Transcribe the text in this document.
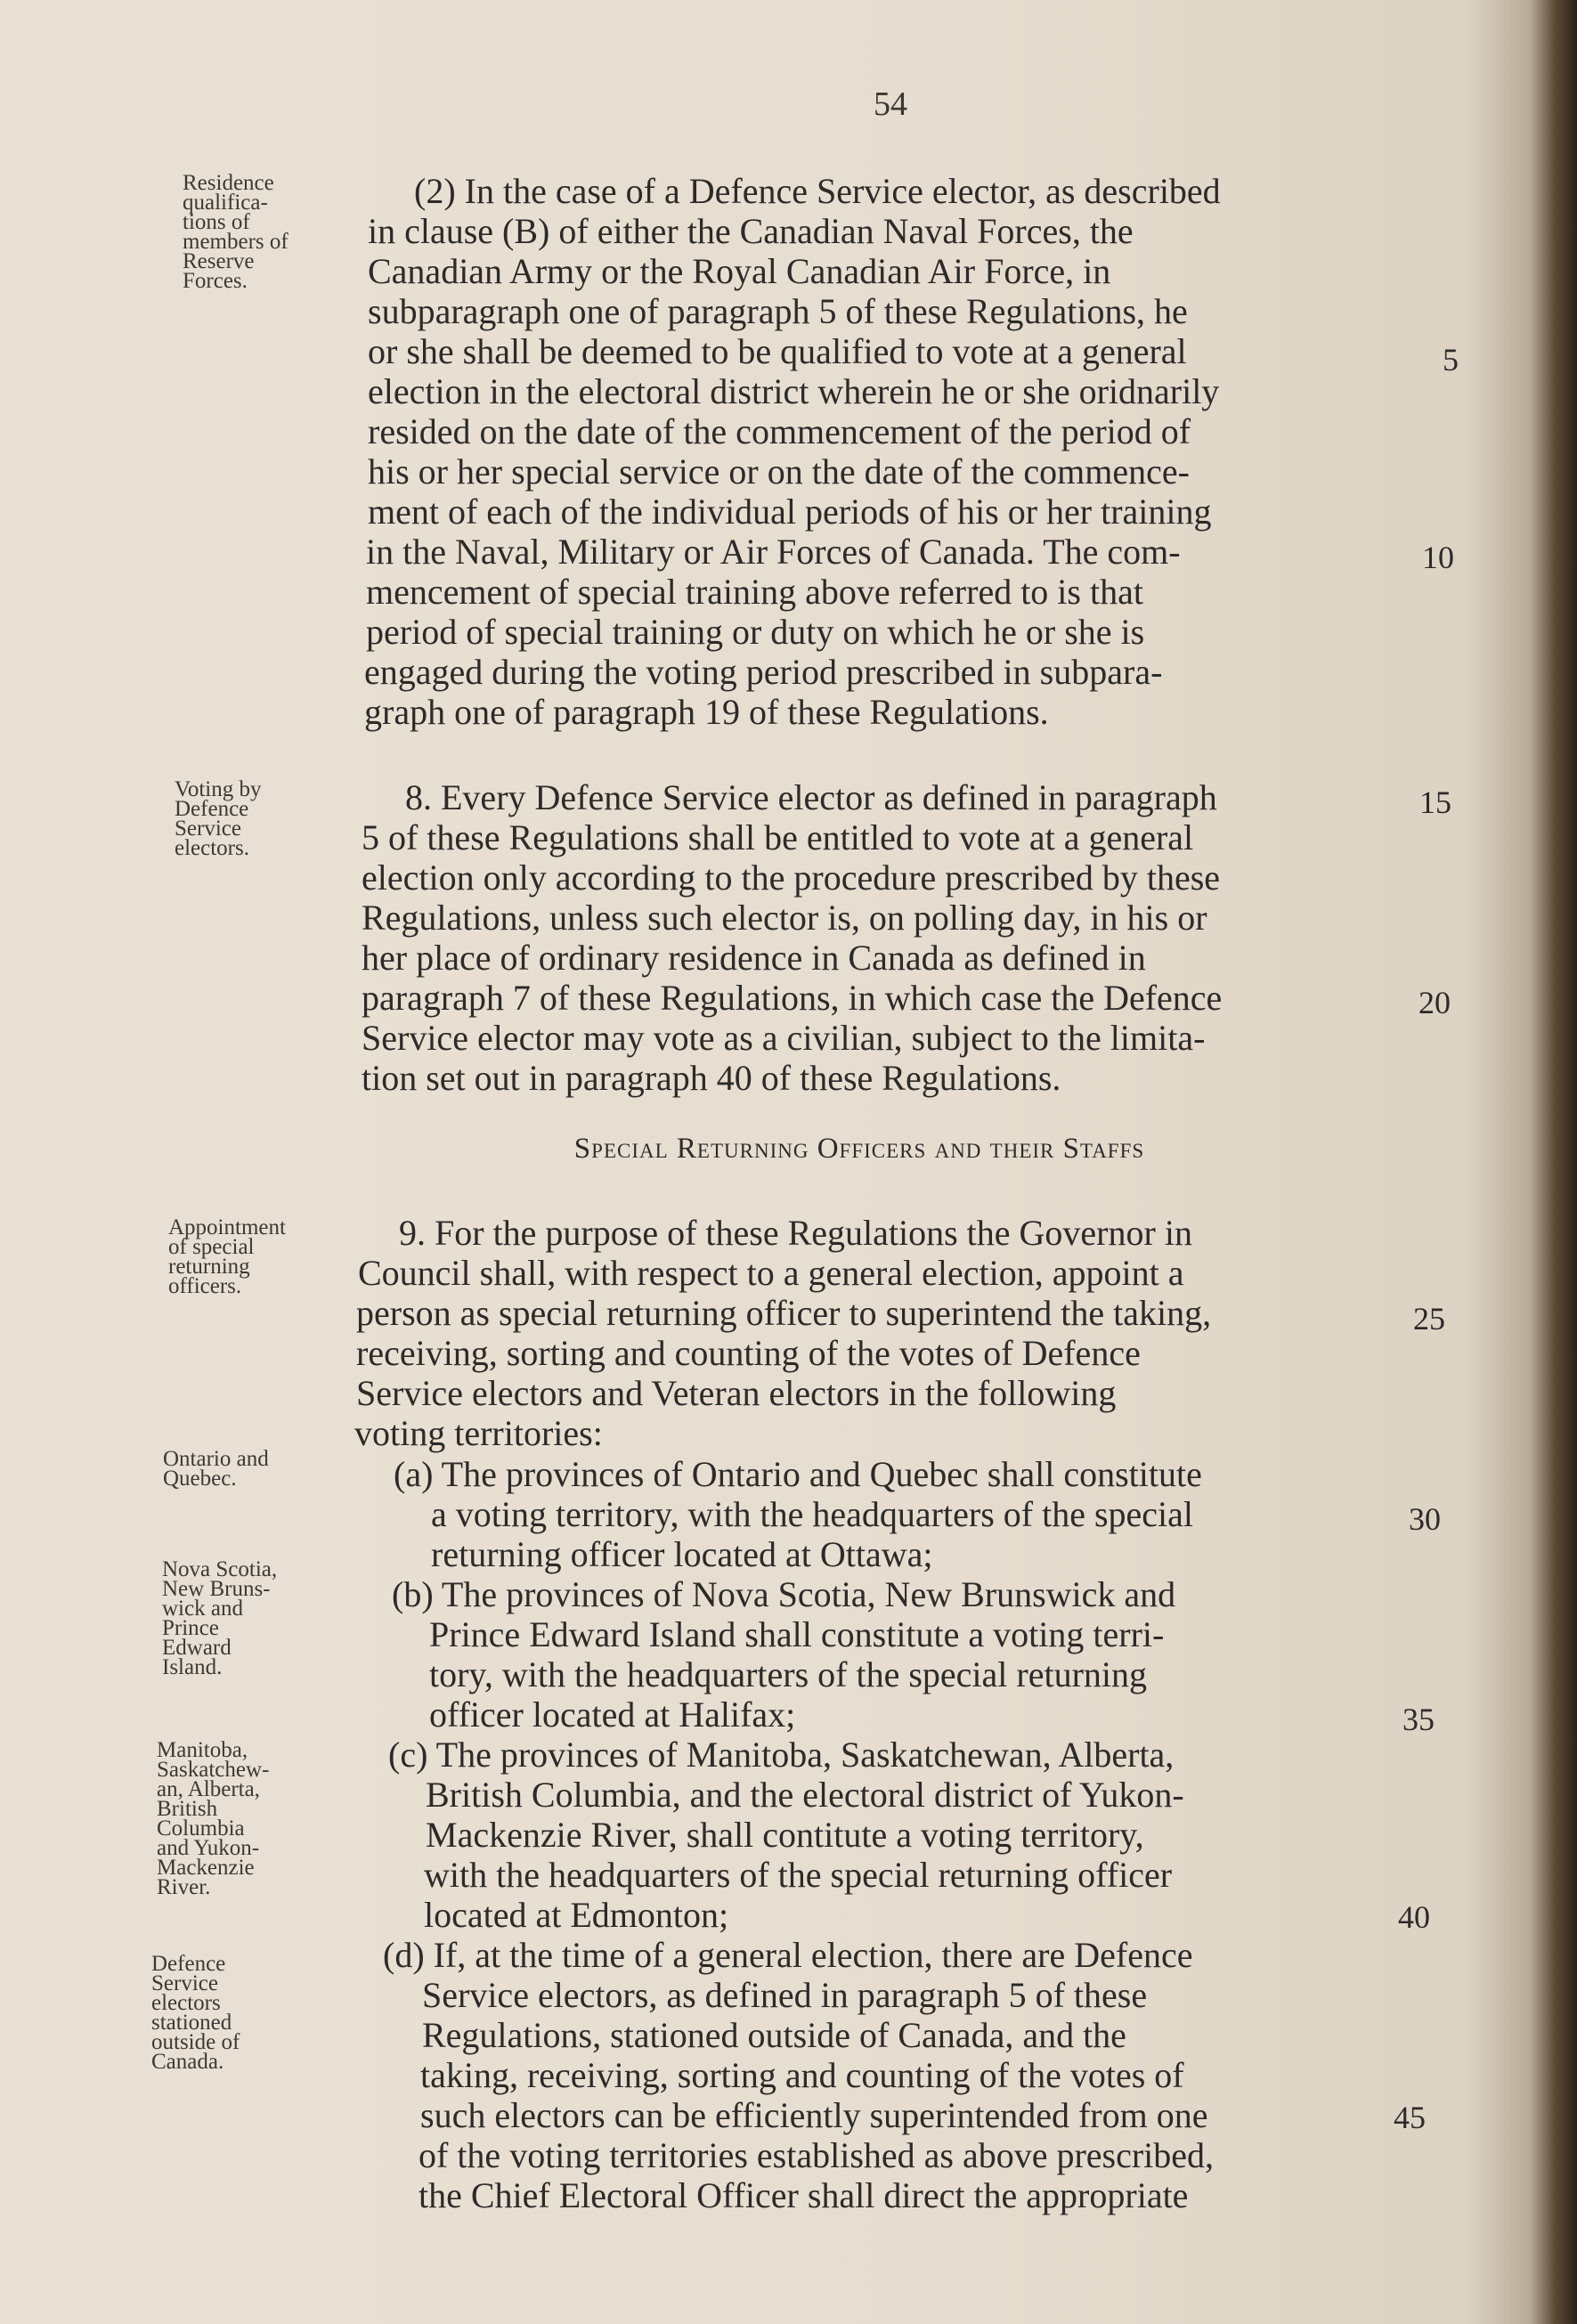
54
Residence
qualifica-
tions of
members of
Reserve
Forces.
Voting by
Defence
Service
electors.
Appointment
of special
returning
officers.
Ontario and
Quebec.
Nova Scotia,
New Bruns-
wick and
Prince
Edward
Island.
Manitoba,
Saskatchew-
an, Alberta,
British
Columbia
and Yukon-
Mackenzie
River.
Defence
Service
electors
stationed
outside of
Canada.
(2) In the case of a Defence Service elector, as described
in clause (B) of either the Canadian Naval Forces, the
Canadian Army or the Royal Canadian Air Force, in
subparagraph one of paragraph 5 of these Regulations, he
or she shall be deemed to be qualified to vote at a general
election in the electoral district wherein he or she oridnarily
resided on the date of the commencement of the period of
his or her special service or on the date of the commence-
ment of each of the individual periods of his or her training
in the Naval, Military or Air Forces of Canada. The com-
mencement of special training above referred to is that
period of special training or duty on which he or she is
engaged during the voting period prescribed in subpara-
graph one of paragraph 19 of these Regulations.
8. Every Defence Service elector as defined in paragraph
5 of these Regulations shall be entitled to vote at a general
election only according to the procedure prescribed by these
Regulations, unless such elector is, on polling day, in his or
her place of ordinary residence in Canada as defined in
paragraph 7 of these Regulations, in which case the Defence
Service elector may vote as a civilian, subject to the limita-
tion set out in paragraph 40 of these Regulations.
Special Returning Officers and their Staffs
9. For the purpose of these Regulations the Governor in
Council shall, with respect to a general election, appoint a
person as special returning officer to superintend the taking,
receiving, sorting and counting of the votes of Defence
Service electors and Veteran electors in the following
voting territories:
(a) The provinces of Ontario and Quebec shall constitute
a voting territory, with the headquarters of the special
returning officer located at Ottawa;
(b) The provinces of Nova Scotia, New Brunswick and
Prince Edward Island shall constitute a voting terri-
tory, with the headquarters of the special returning
officer located at Halifax;
(c) The provinces of Manitoba, Saskatchewan, Alberta,
British Columbia, and the electoral district of Yukon-
Mackenzie River, shall contitute a voting territory,
with the headquarters of the special returning officer
located at Edmonton;
(d) If, at the time of a general election, there are Defence
Service electors, as defined in paragraph 5 of these
Regulations, stationed outside of Canada, and the
taking, receiving, sorting and counting of the votes of
such electors can be efficiently superintended from one
of the voting territories established as above prescribed,
the Chief Electoral Officer shall direct the appropriate
5
10
15
20
25
30
35
40
45
